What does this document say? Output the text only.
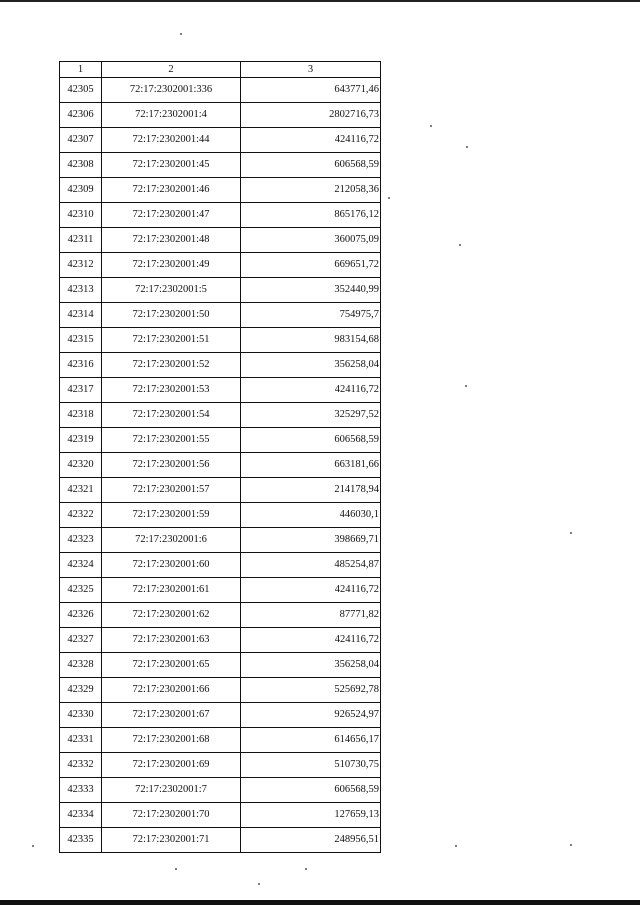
1	2	3
42305	72:17:2302001:336	643771,46
42306	72:17:2302001:4	2802716,73
42307	72:17:2302001:44	424116,72
42308	72:17:2302001:45	606568,59
42309	72:17:2302001:46	212058,36
42310	72:17:2302001:47	865176,12
42311	72:17:2302001:48	360075,09
42312	72:17:2302001:49	669651,72
42313	72:17:2302001:5	352440,99
42314	72:17:2302001:50	754975,7
42315	72:17:2302001:51	983154,68
42316	72:17:2302001:52	356258,04
42317	72:17:2302001:53	424116,72
42318	72:17:2302001:54	325297,52
42319	72:17:2302001:55	606568,59
42320	72:17:2302001:56	663181,66
42321	72:17:2302001:57	214178,94
42322	72:17:2302001:59	446030,1
42323	72:17:2302001:6	398669,71
42324	72:17:2302001:60	485254,87
42325	72:17:2302001:61	424116,72
42326	72:17:2302001:62	87771,82
42327	72:17:2302001:63	424116,72
42328	72:17:2302001:65	356258,04
42329	72:17:2302001:66	525692,78
42330	72:17:2302001:67	926524,97
42331	72:17:2302001:68	614656,17
42332	72:17:2302001:69	510730,75
42333	72:17:2302001:7	606568,59
42334	72:17:2302001:70	127659,13
42335	72:17:2302001:71	248956,51
